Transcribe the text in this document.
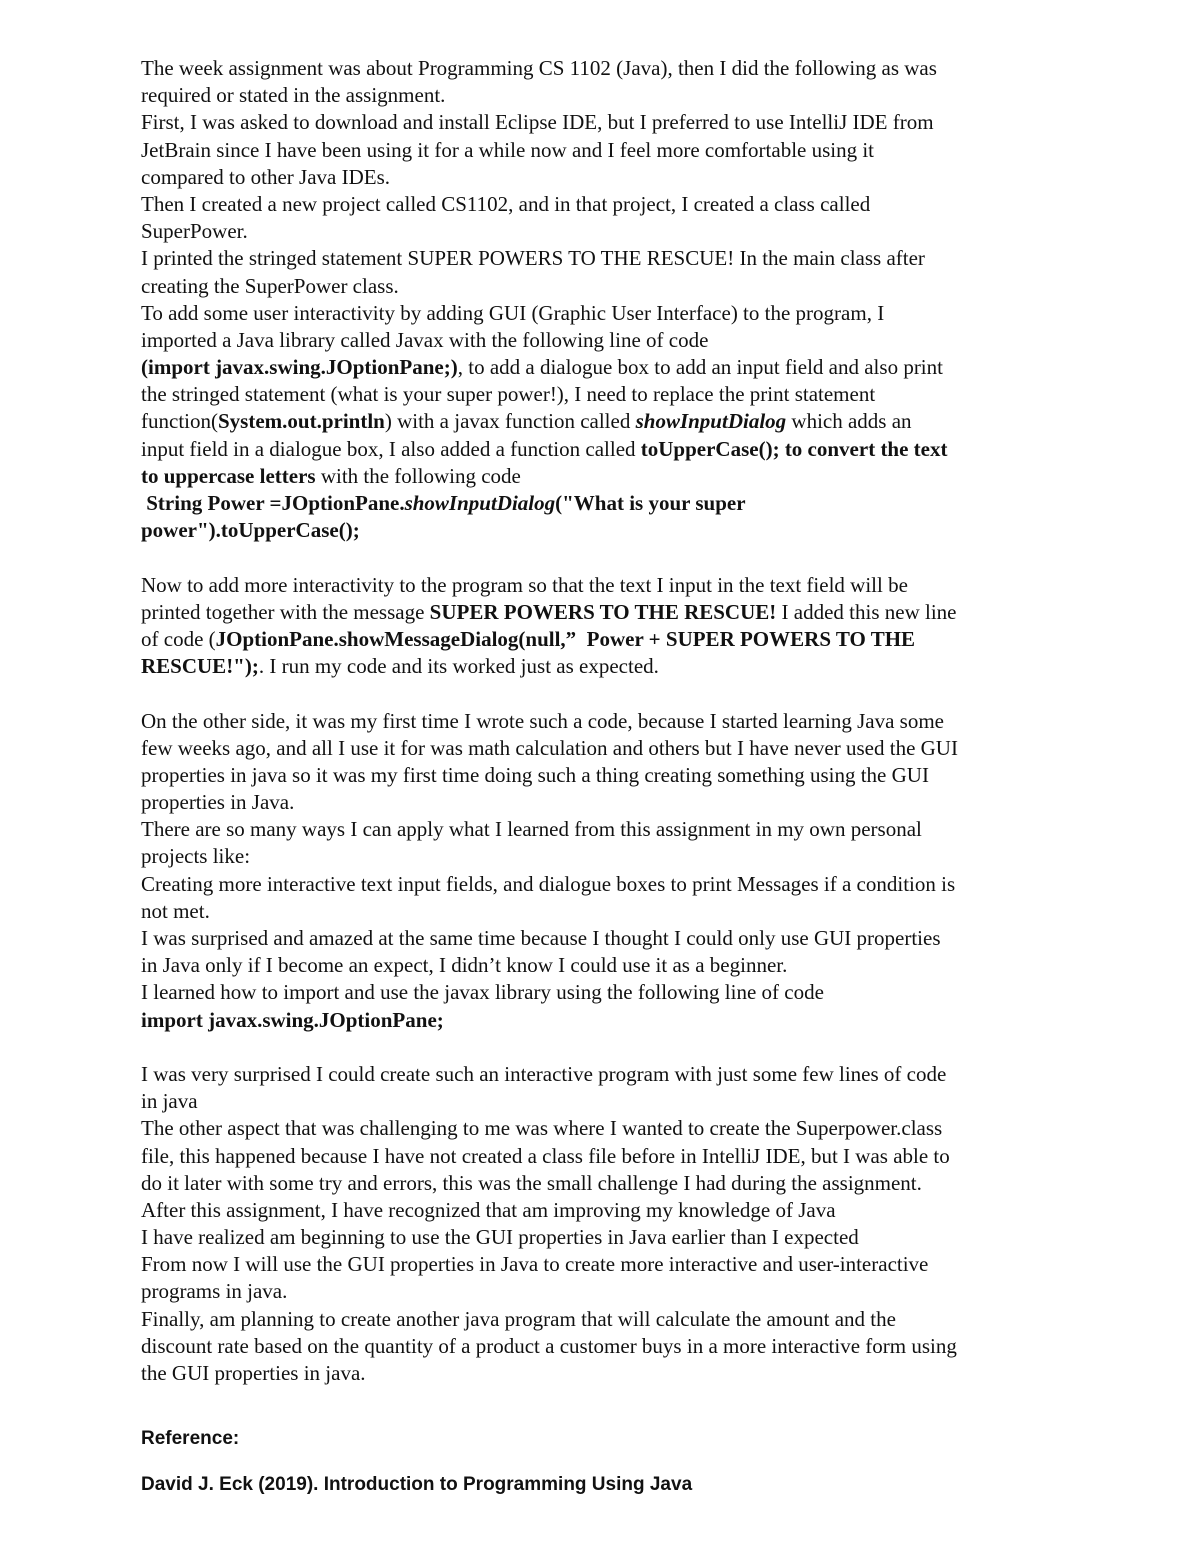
The week assignment was about Programming CS 1102 (Java), then I did the following as was
required or stated in the assignment.
First, I was asked to download and install Eclipse IDE, but I preferred to use IntelliJ IDE from
JetBrain since I have been using it for a while now and I feel more comfortable using it
compared to other Java IDEs.
Then I created a new project called CS1102, and in that project, I created a class called
SuperPower.
I printed the stringed statement SUPER POWERS TO THE RESCUE! In the main class after
creating the SuperPower class.
To add some user interactivity by adding GUI (Graphic User Interface) to the program, I
imported a Java library called Javax with the following line of code
(import javax.swing.JOptionPane;), to add a dialogue box to add an input field and also print
the stringed statement (what is your super power!), I need to replace the print statement
function(System.out.println) with a javax function called showInputDialog which adds an
input field in a dialogue box, I also added a function called toUpperCase(); to convert the text
to uppercase letters with the following code
String Power =JOptionPane.showInputDialog("What is your super
power").toUpperCase();
Now to add more interactivity to the program so that the text I input in the text field will be
printed together with the message SUPER POWERS TO THE RESCUE! I added this new line
of code (JOptionPane.showMessageDialog(null,”  Power + SUPER POWERS TO THE
RESCUE!");. I run my code and its worked just as expected.
On the other side, it was my first time I wrote such a code, because I started learning Java some
few weeks ago, and all I use it for was math calculation and others but I have never used the GUI
properties in java so it was my first time doing such a thing creating something using the GUI
properties in Java.
There are so many ways I can apply what I learned from this assignment in my own personal
projects like:
Creating more interactive text input fields, and dialogue boxes to print Messages if a condition is
not met.
I was surprised and amazed at the same time because I thought I could only use GUI properties
in Java only if I become an expect, I didn’t know I could use it as a beginner.
I learned how to import and use the javax library using the following line of code
import javax.swing.JOptionPane;
I was very surprised I could create such an interactive program with just some few lines of code
in java
The other aspect that was challenging to me was where I wanted to create the Superpower.class
file, this happened because I have not created a class file before in IntelliJ IDE, but I was able to
do it later with some try and errors, this was the small challenge I had during the assignment.
After this assignment, I have recognized that am improving my knowledge of Java
I have realized am beginning to use the GUI properties in Java earlier than I expected
From now I will use the GUI properties in Java to create more interactive and user-interactive
programs in java.
Finally, am planning to create another java program that will calculate the amount and the
discount rate based on the quantity of a product a customer buys in a more interactive form using
the GUI properties in java.
Reference:
David J. Eck (2019). Introduction to Programming Using Java
